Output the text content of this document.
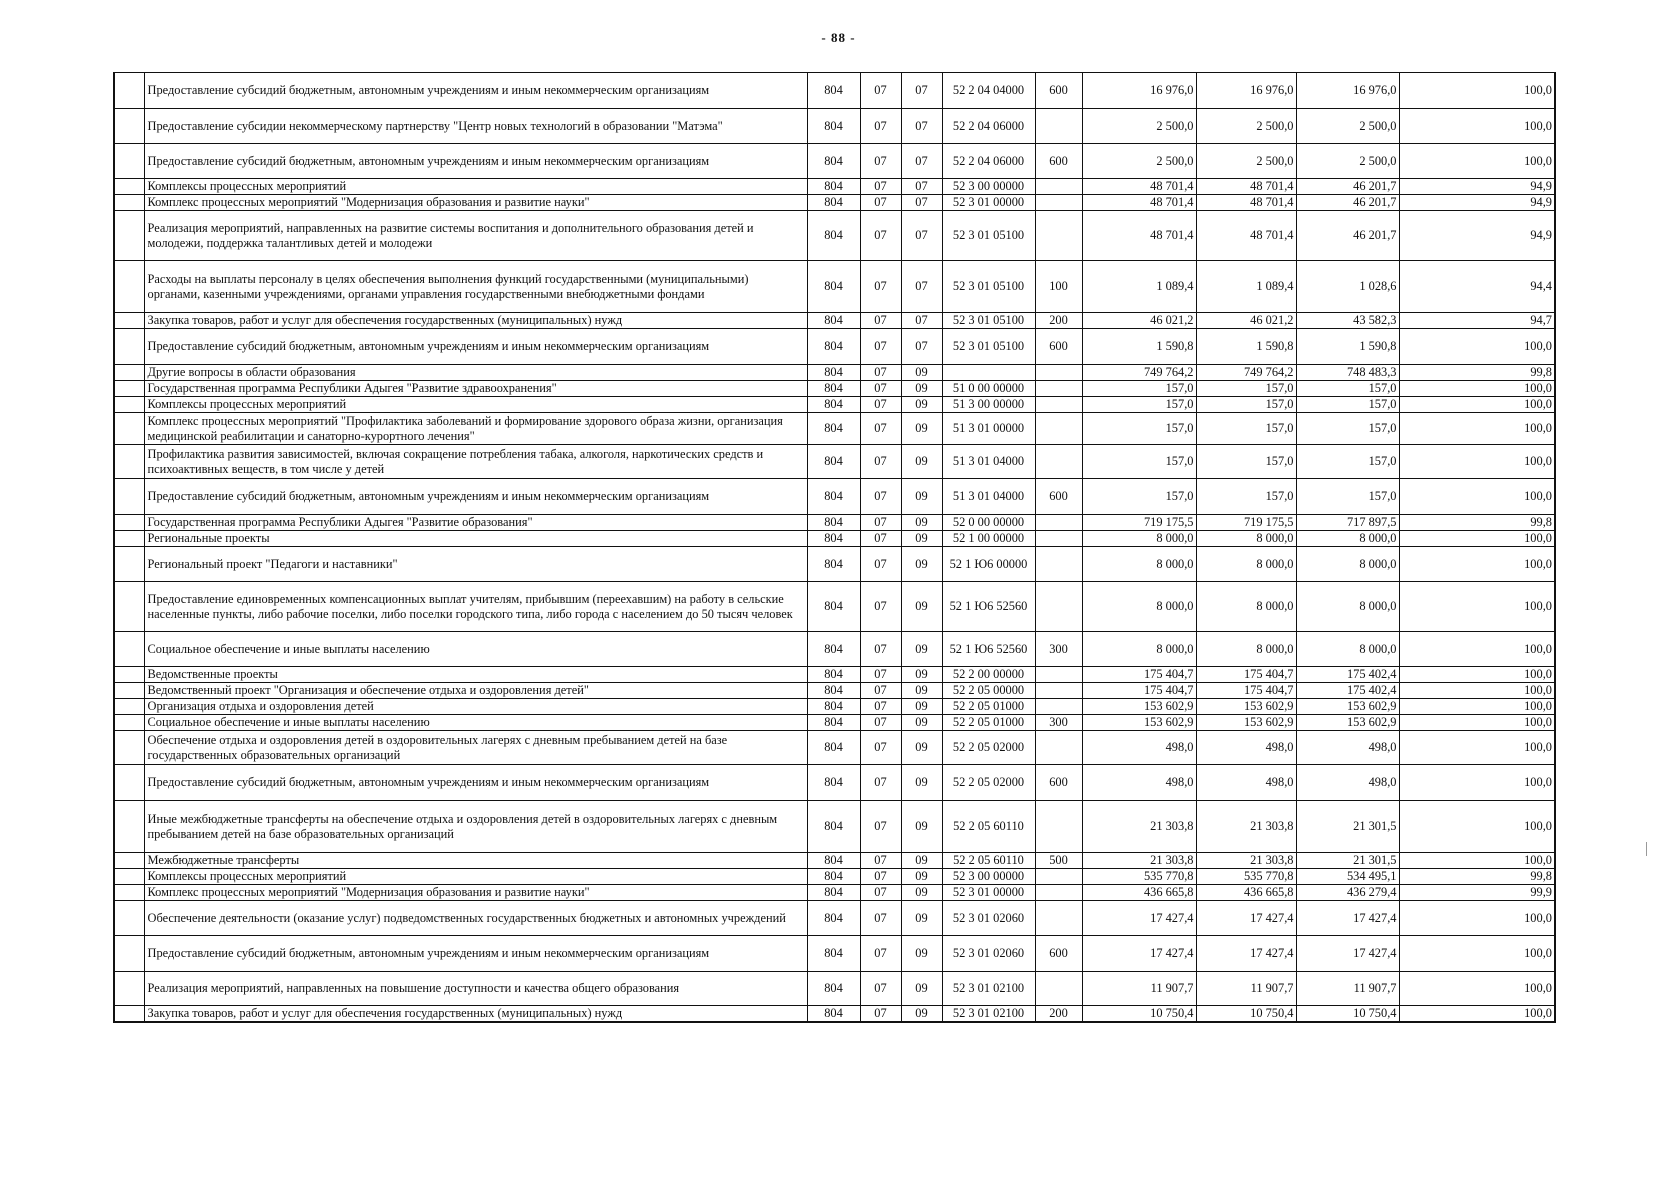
- 88 -
	Предоставление субсидий бюджетным, автономным учреждениям и иным некоммерческим организациям	804	07	07	52 2 04 04000	600	16 976,0	16 976,0	16 976,0	100,0
	Предоставление субсидии некоммерческому партнерству "Центр новых технологий в образовании "Матэма"	804	07	07	52 2 04 06000		2 500,0	2 500,0	2 500,0	100,0
	Предоставление субсидий бюджетным, автономным учреждениям и иным некоммерческим организациям	804	07	07	52 2 04 06000	600	2 500,0	2 500,0	2 500,0	100,0
	Комплексы процессных мероприятий	804	07	07	52 3 00 00000		48 701,4	48 701,4	46 201,7	94,9
	Комплекс процессных мероприятий "Модернизация образования и развитие науки"	804	07	07	52 3 01 00000		48 701,4	48 701,4	46 201,7	94,9
	Реализация мероприятий, направленных на развитие системы воспитания и дополнительного образования детей и молодежи, поддержка талантливых детей и молодежи	804	07	07	52 3 01 05100		48 701,4	48 701,4	46 201,7	94,9
	Расходы на выплаты персоналу в целях обеспечения выполнения функций государственными (муниципальными) органами, казенными учреждениями, органами управления государственными внебюджетными фондами	804	07	07	52 3 01 05100	100	1 089,4	1 089,4	1 028,6	94,4
	Закупка товаров, работ и услуг для обеспечения государственных (муниципальных) нужд	804	07	07	52 3 01 05100	200	46 021,2	46 021,2	43 582,3	94,7
	Предоставление субсидий бюджетным, автономным учреждениям и иным некоммерческим организациям	804	07	07	52 3 01 05100	600	1 590,8	1 590,8	1 590,8	100,0
	Другие вопросы в области образования	804	07	09			749 764,2	749 764,2	748 483,3	99,8
	Государственная программа Республики Адыгея "Развитие здравоохранения"	804	07	09	51 0 00 00000		157,0	157,0	157,0	100,0
	Комплексы процессных мероприятий	804	07	09	51 3 00 00000		157,0	157,0	157,0	100,0
	Комплекс процессных мероприятий "Профилактика заболеваний и формирование здорового образа жизни, организация медицинской реабилитации и санаторно-курортного лечения"	804	07	09	51 3 01 00000		157,0	157,0	157,0	100,0
	Профилактика развития зависимостей, включая сокращение потребления табака, алкоголя, наркотических средств и психоактивных веществ, в том числе у детей	804	07	09	51 3 01 04000		157,0	157,0	157,0	100,0
	Предоставление субсидий бюджетным, автономным учреждениям и иным некоммерческим организациям	804	07	09	51 3 01 04000	600	157,0	157,0	157,0	100,0
	Государственная программа Республики Адыгея "Развитие образования"	804	07	09	52 0 00 00000		719 175,5	719 175,5	717 897,5	99,8
	Региональные проекты	804	07	09	52 1 00 00000		8 000,0	8 000,0	8 000,0	100,0
	Региональный проект "Педагоги и наставники"	804	07	09	52 1 Ю6 00000		8 000,0	8 000,0	8 000,0	100,0
	Предоставление единовременных компенсационных выплат учителям, прибывшим (переехавшим) на работу в сельские населенные пункты, либо рабочие поселки, либо поселки городского типа, либо города с населением до 50 тысяч человек	804	07	09	52 1 Ю6 52560		8 000,0	8 000,0	8 000,0	100,0
	Социальное обеспечение и иные выплаты населению	804	07	09	52 1 Ю6 52560	300	8 000,0	8 000,0	8 000,0	100,0
	Ведомственные проекты	804	07	09	52 2 00 00000		175 404,7	175 404,7	175 402,4	100,0
	Ведомственный проект "Организация и обеспечение отдыха и оздоровления детей"	804	07	09	52 2 05 00000		175 404,7	175 404,7	175 402,4	100,0
	Организация отдыха и оздоровления детей	804	07	09	52 2 05 01000		153 602,9	153 602,9	153 602,9	100,0
	Социальное обеспечение и иные выплаты населению	804	07	09	52 2 05 01000	300	153 602,9	153 602,9	153 602,9	100,0
	Обеспечение отдыха и оздоровления детей в оздоровительных лагерях с дневным пребыванием детей на базе государственных образовательных организаций	804	07	09	52 2 05 02000		498,0	498,0	498,0	100,0
	Предоставление субсидий бюджетным, автономным учреждениям и иным некоммерческим организациям	804	07	09	52 2 05 02000	600	498,0	498,0	498,0	100,0
	Иные межбюджетные трансферты на обеспечение отдыха и оздоровления детей в оздоровительных лагерях с дневным пребыванием детей на базе образовательных организаций	804	07	09	52 2 05 60110		21 303,8	21 303,8	21 301,5	100,0
	Межбюджетные трансферты	804	07	09	52 2 05 60110	500	21 303,8	21 303,8	21 301,5	100,0
	Комплексы процессных мероприятий	804	07	09	52 3 00 00000		535 770,8	535 770,8	534 495,1	99,8
	Комплекс процессных мероприятий "Модернизация образования и развитие науки"	804	07	09	52 3 01 00000		436 665,8	436 665,8	436 279,4	99,9
	Обеспечение деятельности (оказание услуг) подведомственных государственных бюджетных и автономных учреждений	804	07	09	52 3 01 02060		17 427,4	17 427,4	17 427,4	100,0
	Предоставление субсидий бюджетным, автономным учреждениям и иным некоммерческим организациям	804	07	09	52 3 01 02060	600	17 427,4	17 427,4	17 427,4	100,0
	Реализация мероприятий, направленных на повышение доступности и качества общего образования	804	07	09	52 3 01 02100		11 907,7	11 907,7	11 907,7	100,0
	Закупка товаров, работ и услуг для обеспечения государственных (муниципальных) нужд	804	07	09	52 3 01 02100	200	10 750,4	10 750,4	10 750,4	100,0
